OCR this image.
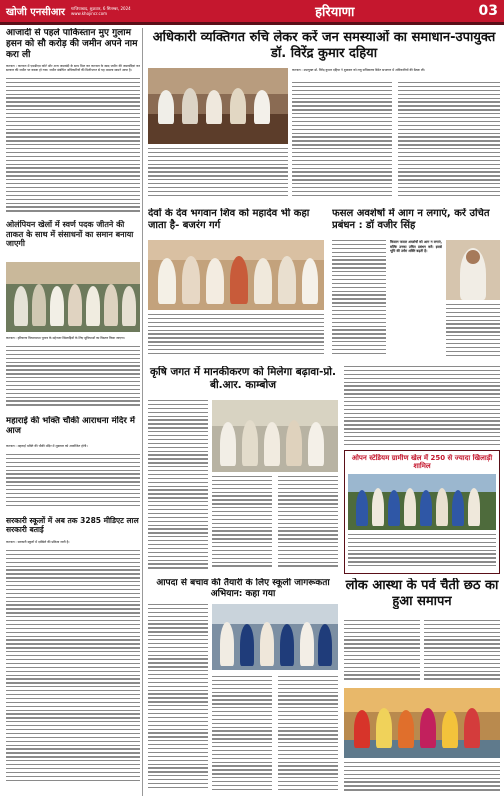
खोजी एनसीआर	गाजियाबाद, शुक्रवार, 6 सितम्बर, 2024
www.khojincr.com	हरियाणा	03
आजादी से पहले पाकिस्तान मुए गुलाम हसन को सौ करोड़ की जमीन अपने नाम करा ली
करनाल : करनाल में एसडीएम कोर्ट और अन्य जमाबंदी के साथ मिल कर करनाल के खाद जमीन की जमाबंदियां कर सरकार की जमीन पर कब्जा हो गया। जमीन संबंधित अधिकारियों की मिलीभगत से यह मामला सामने आया है।
ओलंपियन खेलों में स्वर्ण पदक जीतने की ताकत के साथ में संसाधनों का समान बनाया जाएगी
करनाल : हरियाणा विधानसभा चुनाव के मद्देनजर खिलाड़ियों के लिए सुविधाओं का विस्तार किया जाएगा।
महाराई की भक्ति चौकी आराधना मंदिर में आज
करनाल : महाराई भक्ति की चौकी मंदिर में शुक्रवार को आयोजित होगी।
सरकारी स्कूलों में अब तक 3285 मीडिएट लाल सरकारी बताई
करनाल : सरकारी स्कूलों में दाखिले की प्रक्रिया जारी है।
अधिकारी व्यक्तिगत रुचि लेकर करें जन समस्याओं का समाधान-उपायुक्त डॉ. विरेंद्र कुमार दहिया
करनाल : उपायुक्त डॉ. विरेंद्र कुमार दहिया ने शुक्रवार को लघु सचिवालय स्थित सभागार में अधिकारियों की बैठक ली।
देवों के देव भगवान शिव को महादेव भी कहा जाता है- बजरंग गर्ग
फसल अवशेषों में आग न लगाएं, करें उचित प्रबंधन : डॉ वजीर सिंह
किसान फसल अवशेषों को आग न लगाएं, बल्कि उनका उचित प्रबंधन करें। इससे भूमि की उर्वरा शक्ति बढ़ती है।
कृषि जगत में मानकीकरण को मिलेगा बढ़ावा-प्रो. बी.आर. काम्बोज
ओपन स्टेडियम ग्रामीण खेल में 250 से ज्यादा खिलाड़ी शामिल
आपदा से बचाव की तैयारी के लिए स्कूली जागरूकता अभियान: कहा गया
लोक आस्था के पर्व चैती छठ का हुआ समापन
